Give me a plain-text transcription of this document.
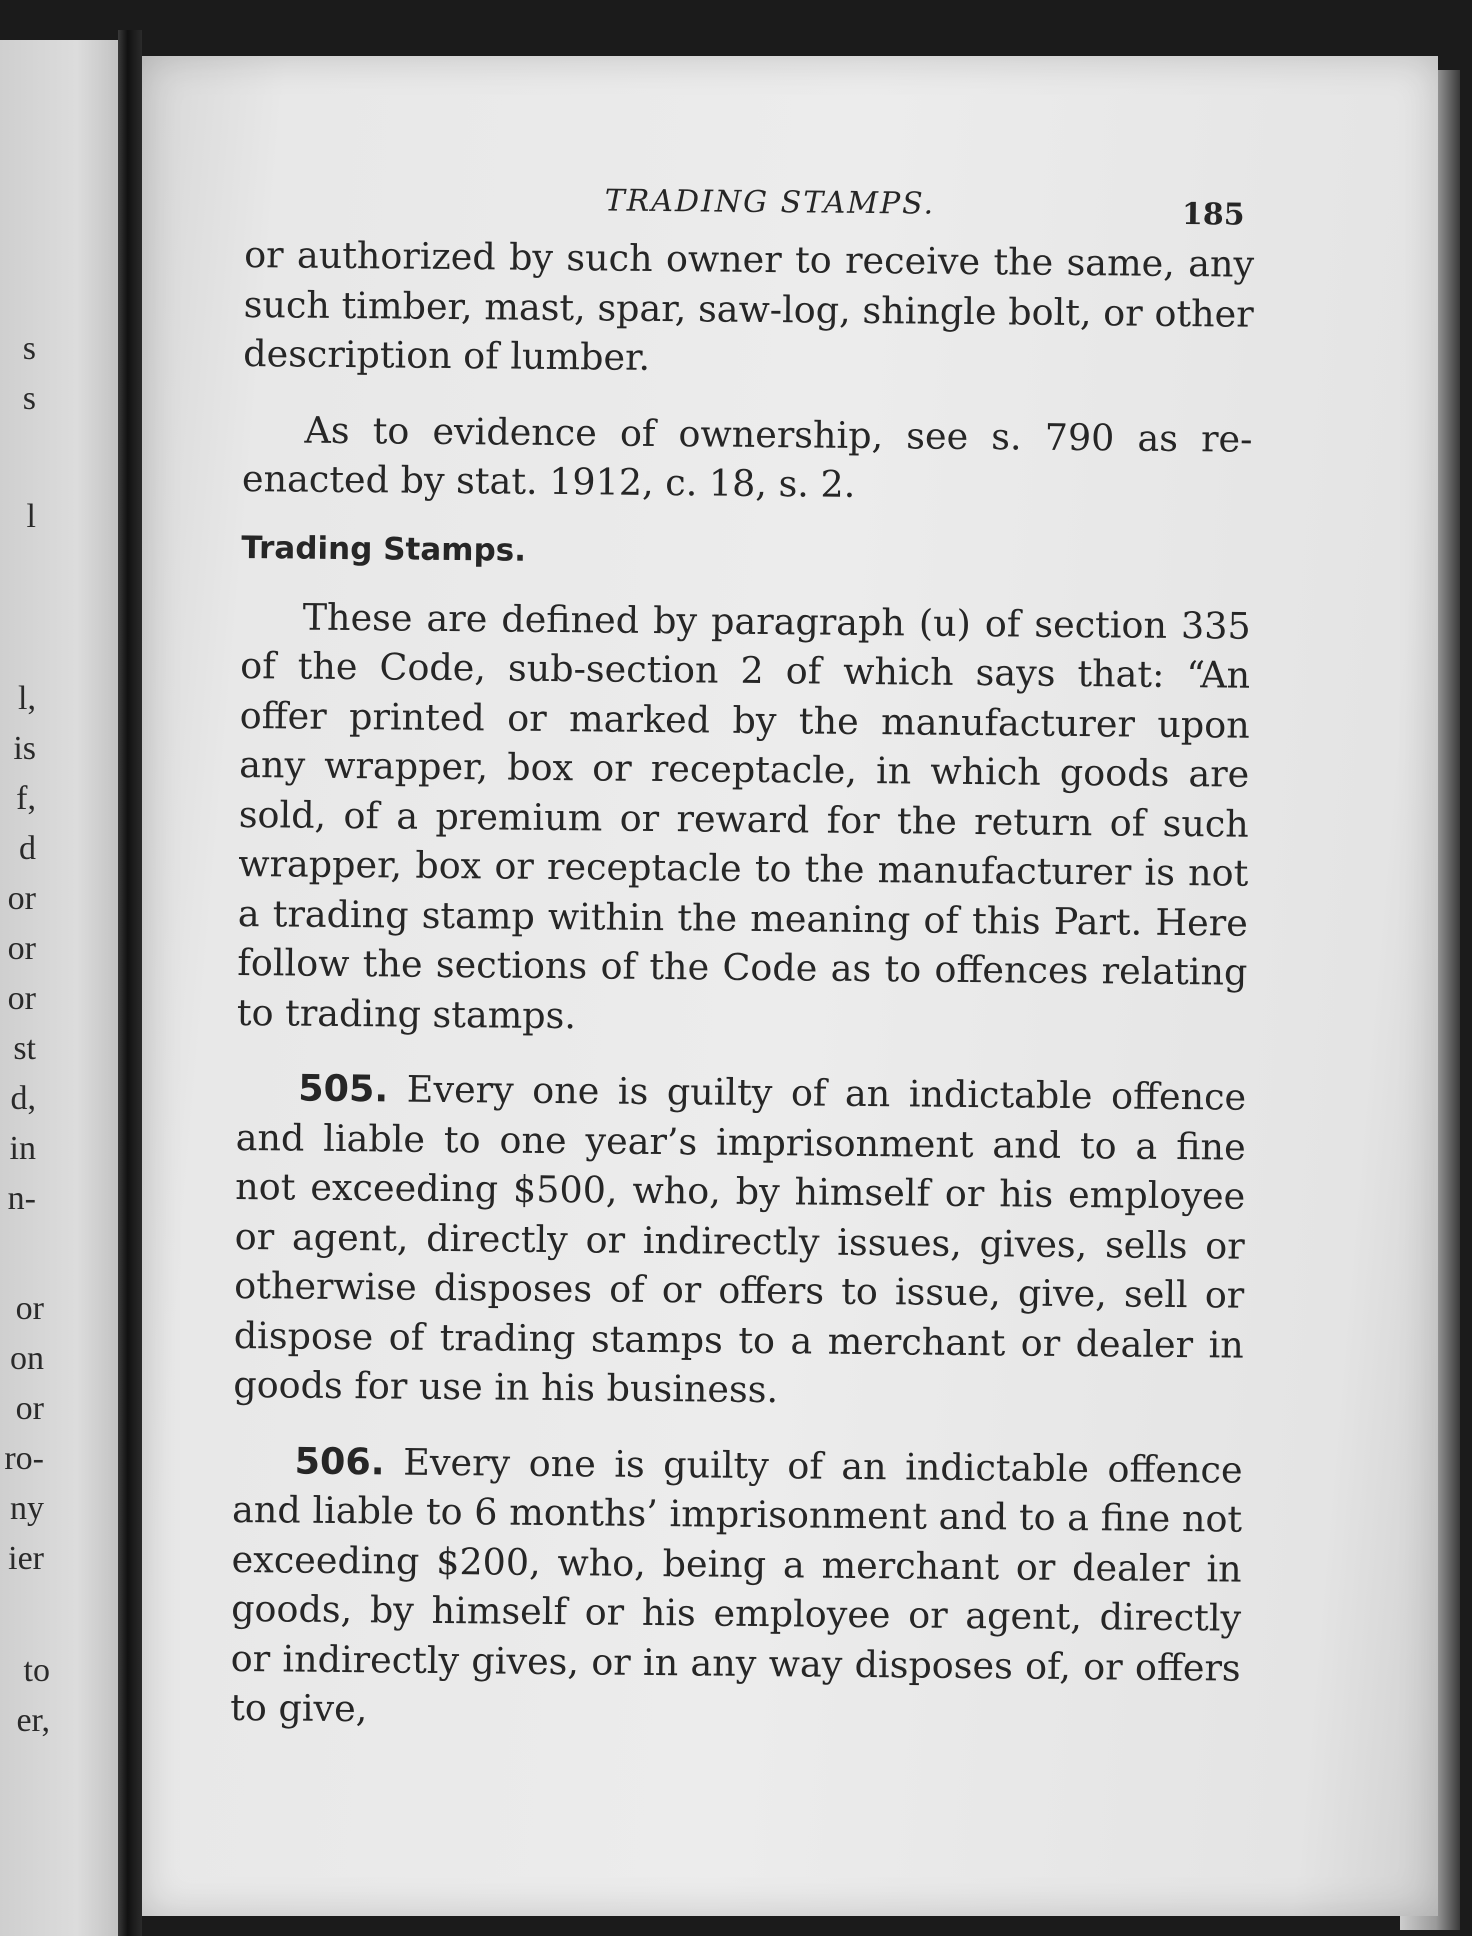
s
s
l
l,
is
f,
d
or
or
or
st
d,
in
n-
or
on
or
ro-
ny
ier
to
er,
TRADING STAMPS.	185

or authorized by such owner to receive the same, any such timber, mast, spar, saw-log, shingle bolt, or other description of lumber.

As to evidence of ownership, see s. 790 as re-enacted by stat. 1912, c. 18, s. 2.

Trading Stamps.

These are defined by paragraph (u) of section 335 of the Code, sub-section 2 of which says that: “An offer printed or marked by the manufacturer upon any wrapper, box or receptacle, in which goods are sold, of a premium or reward for the return of such wrapper, box or receptacle to the manufacturer is not a trading stamp within the meaning of this Part. Here follow the sections of the Code as to offences relating to trading stamps.

505. Every one is guilty of an indictable offence and liable to one year’s imprisonment and to a fine not exceeding $500, who, by himself or his employee or agent, directly or indirectly issues, gives, sells or otherwise disposes of or offers to issue, give, sell or dispose of trading stamps to a merchant or dealer in goods for use in his business.

506. Every one is guilty of an indictable offence and liable to 6 months’ imprisonment and to a fine not exceeding $200, who, being a merchant or dealer in goods, by himself or his employee or agent, directly or indirectly gives, or in any way disposes of, or offers to give,
